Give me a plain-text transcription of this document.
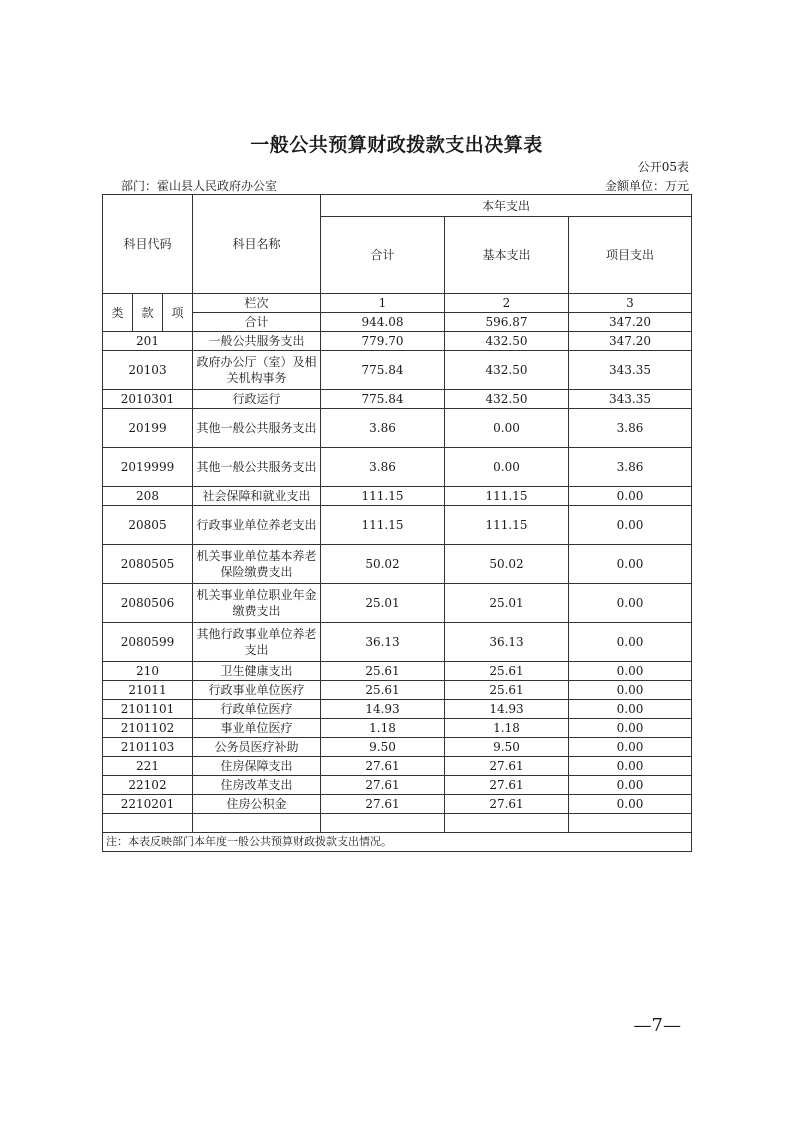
一般公共预算财政拨款支出决算表
公开05表
部门：霍山县人民政府办公室	金额单位：万元
科目代码			科目名称	本年支出		
				合计	基本支出	项目支出
类	款	项	栏次	1	2	3
			合计	944.08	596.87	347.20
201			一般公共服务支出	779.70	432.50	347.20
20103			政府办公厅（室）及相关机构事务	775.84	432.50	343.35
2010301			行政运行	775.84	432.50	343.35
20199			其他一般公共服务支出	3.86	0.00	3.86
2019999			其他一般公共服务支出	3.86	0.00	3.86
208			社会保障和就业支出	111.15	111.15	0.00
20805			行政事业单位养老支出	111.15	111.15	0.00
2080505			机关事业单位基本养老保险缴费支出	50.02	50.02	0.00
2080506			机关事业单位职业年金缴费支出	25.01	25.01	0.00
2080599			其他行政事业单位养老支出	36.13	36.13	0.00
210			卫生健康支出	25.61	25.61	0.00
21011			行政事业单位医疗	25.61	25.61	0.00
2101101			行政单位医疗	14.93	14.93	0.00
2101102			事业单位医疗	1.18	1.18	0.00
2101103			公务员医疗补助	9.50	9.50	0.00
221			住房保障支出	27.61	27.61	0.00
22102			住房改革支出	27.61	27.61	0.00
2210201			住房公积金	27.61	27.61	0.00

注：本表反映部门本年度一般公共预算财政拨款支出情况。						
—7—
